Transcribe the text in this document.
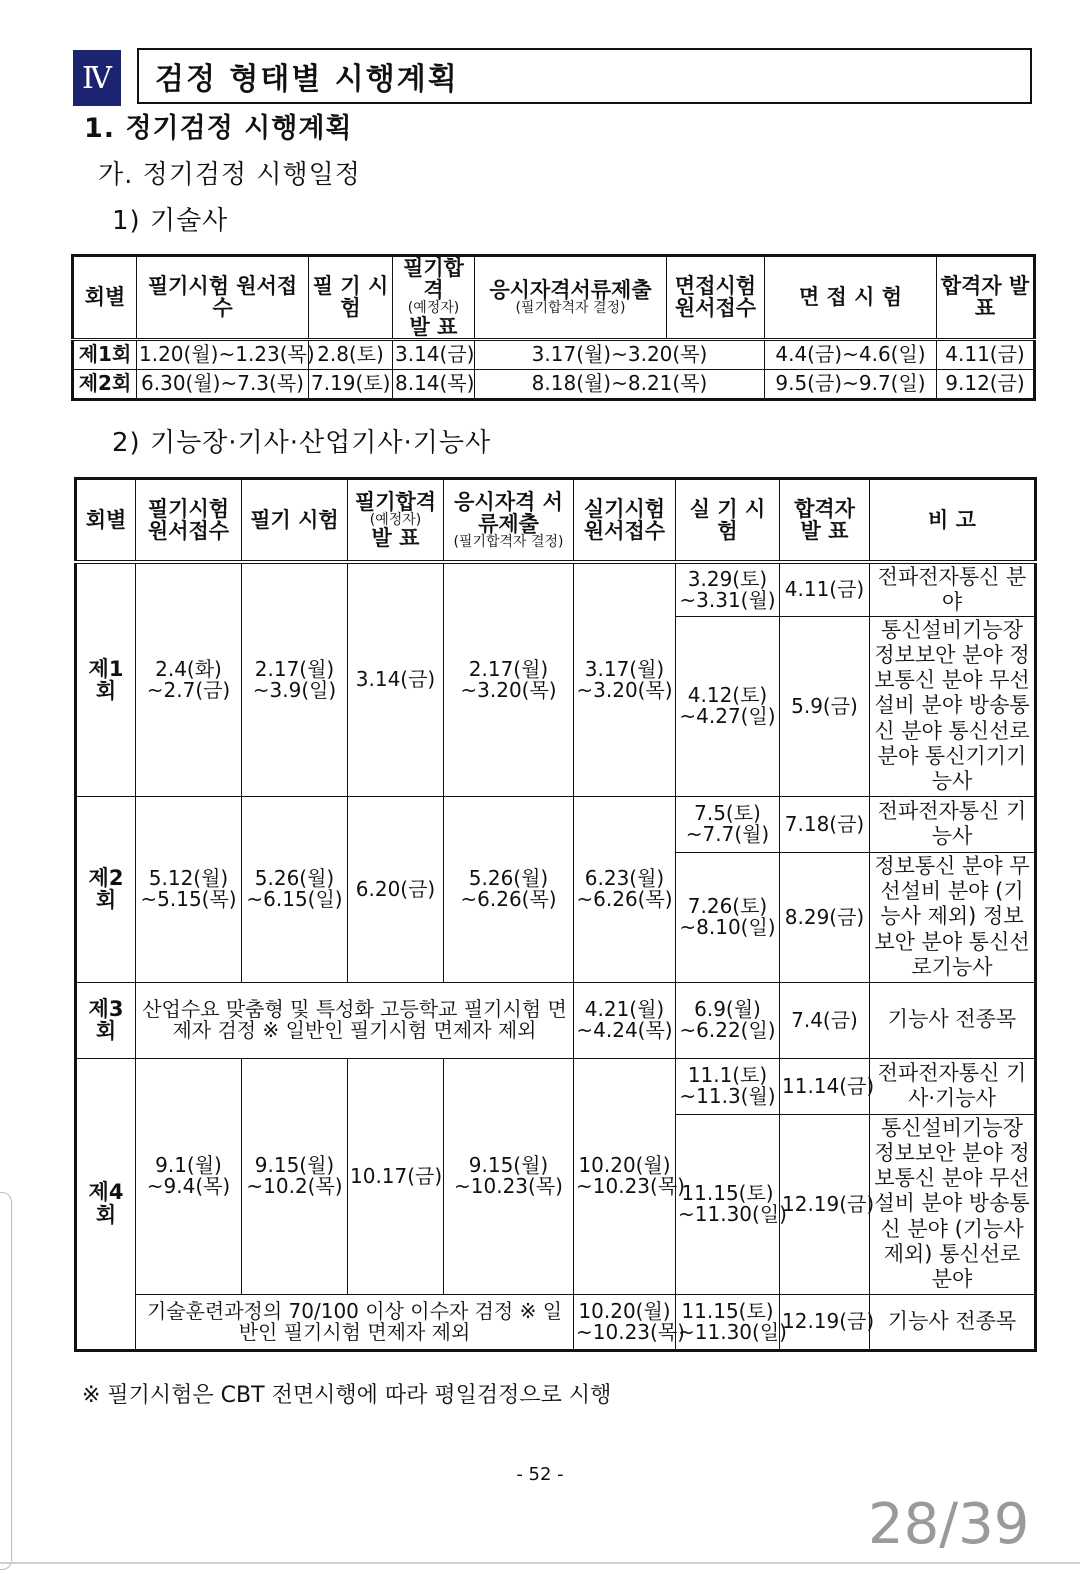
Ⅳ	검정 형태별 시행계획
1. 정기검정 시행계획
가. 정기검정 시행일정
1) 기술사
회별	필기시험 원서접수	필 기 시 험	필기합격
(예정자)
발 표	응시자격서류제출
(필기합격자 결정)	면접시험 원서접수	면 접 시 험	합격자 발 표
제1회	1.20(월)~1.23(목)	2.8(토)	3.14(금)	3.17(월)~3.20(목)		4.4(금)~4.6(일)	4.11(금)
제2회	6.30(월)~7.3(목)	7.19(토)	8.14(목)	8.18(월)~8.21(목)		9.5(금)~9.7(일)	9.12(금)
2) 기능장·기사·산업기사·기능사
회별	필기시험 원서접수	필기 시험	필기합격
(예정자)
발 표	응시자격 서류제출
(필기합격자 결정)	실기시험 원서접수	실 기 시 험	합격자 발 표	비 고
제1회	2.4(화) ~2.7(금)	2.17(월) ~3.9(일)	3.14(금)	2.17(월) ~3.20(목)	3.17(월) ~3.20(목)	3.29(토) ~3.31(월)	4.11(금)	전파전자통신 분야
						4.12(토) ~4.27(일)	5.9(금)	통신설비기능장 정보보안 분야 정보통신 분야 무선설비 분야 방송통신 분야 통신선로 분야 통신기기기능사
제2회	5.12(월) ~5.15(목)	5.26(월) ~6.15(일)	6.20(금)	5.26(월) ~6.26(목)	6.23(월) ~6.26(목)	7.5(토) ~7.7(월)	7.18(금)	전파전자통신 기능사
						7.26(토) ~8.10(일)	8.29(금)	정보통신 분야 무선설비 분야 (기능사 제외) 정보보안 분야 통신선로기능사
제3회	산업수요 맞춤형 및 특성화 고등학교 필기시험 면제자 검정 ※ 일반인 필기시험 면제자 제외				4.21(월) ~4.24(목)	6.9(월) ~6.22(일)	7.4(금)	기능사 전종목
제4회	9.1(월) ~9.4(목)	9.15(월) ~10.2(목)	10.17(금)	9.15(월) ~10.23(목)	10.20(월) ~10.23(목)	11.1(토) ~11.3(월)	11.14(금)	전파전자통신 기사·기능사
						11.15(토) ~11.30(일)	12.19(금)	통신설비기능장 정보보안 분야 정보통신 분야 무선설비 분야 방송통신 분야 (기능사 제외) 통신선로 분야
	기술훈련과정의 70/100 이상 이수자 검정 ※ 일반인 필기시험 면제자 제외				10.20(월) ~10.23(목)	11.15(토) ~11.30(일)	12.19(금)	기능사 전종목
※ 필기시험은 CBT 전면시행에 따라 평일검정으로 시행
- 52 -
28/39
